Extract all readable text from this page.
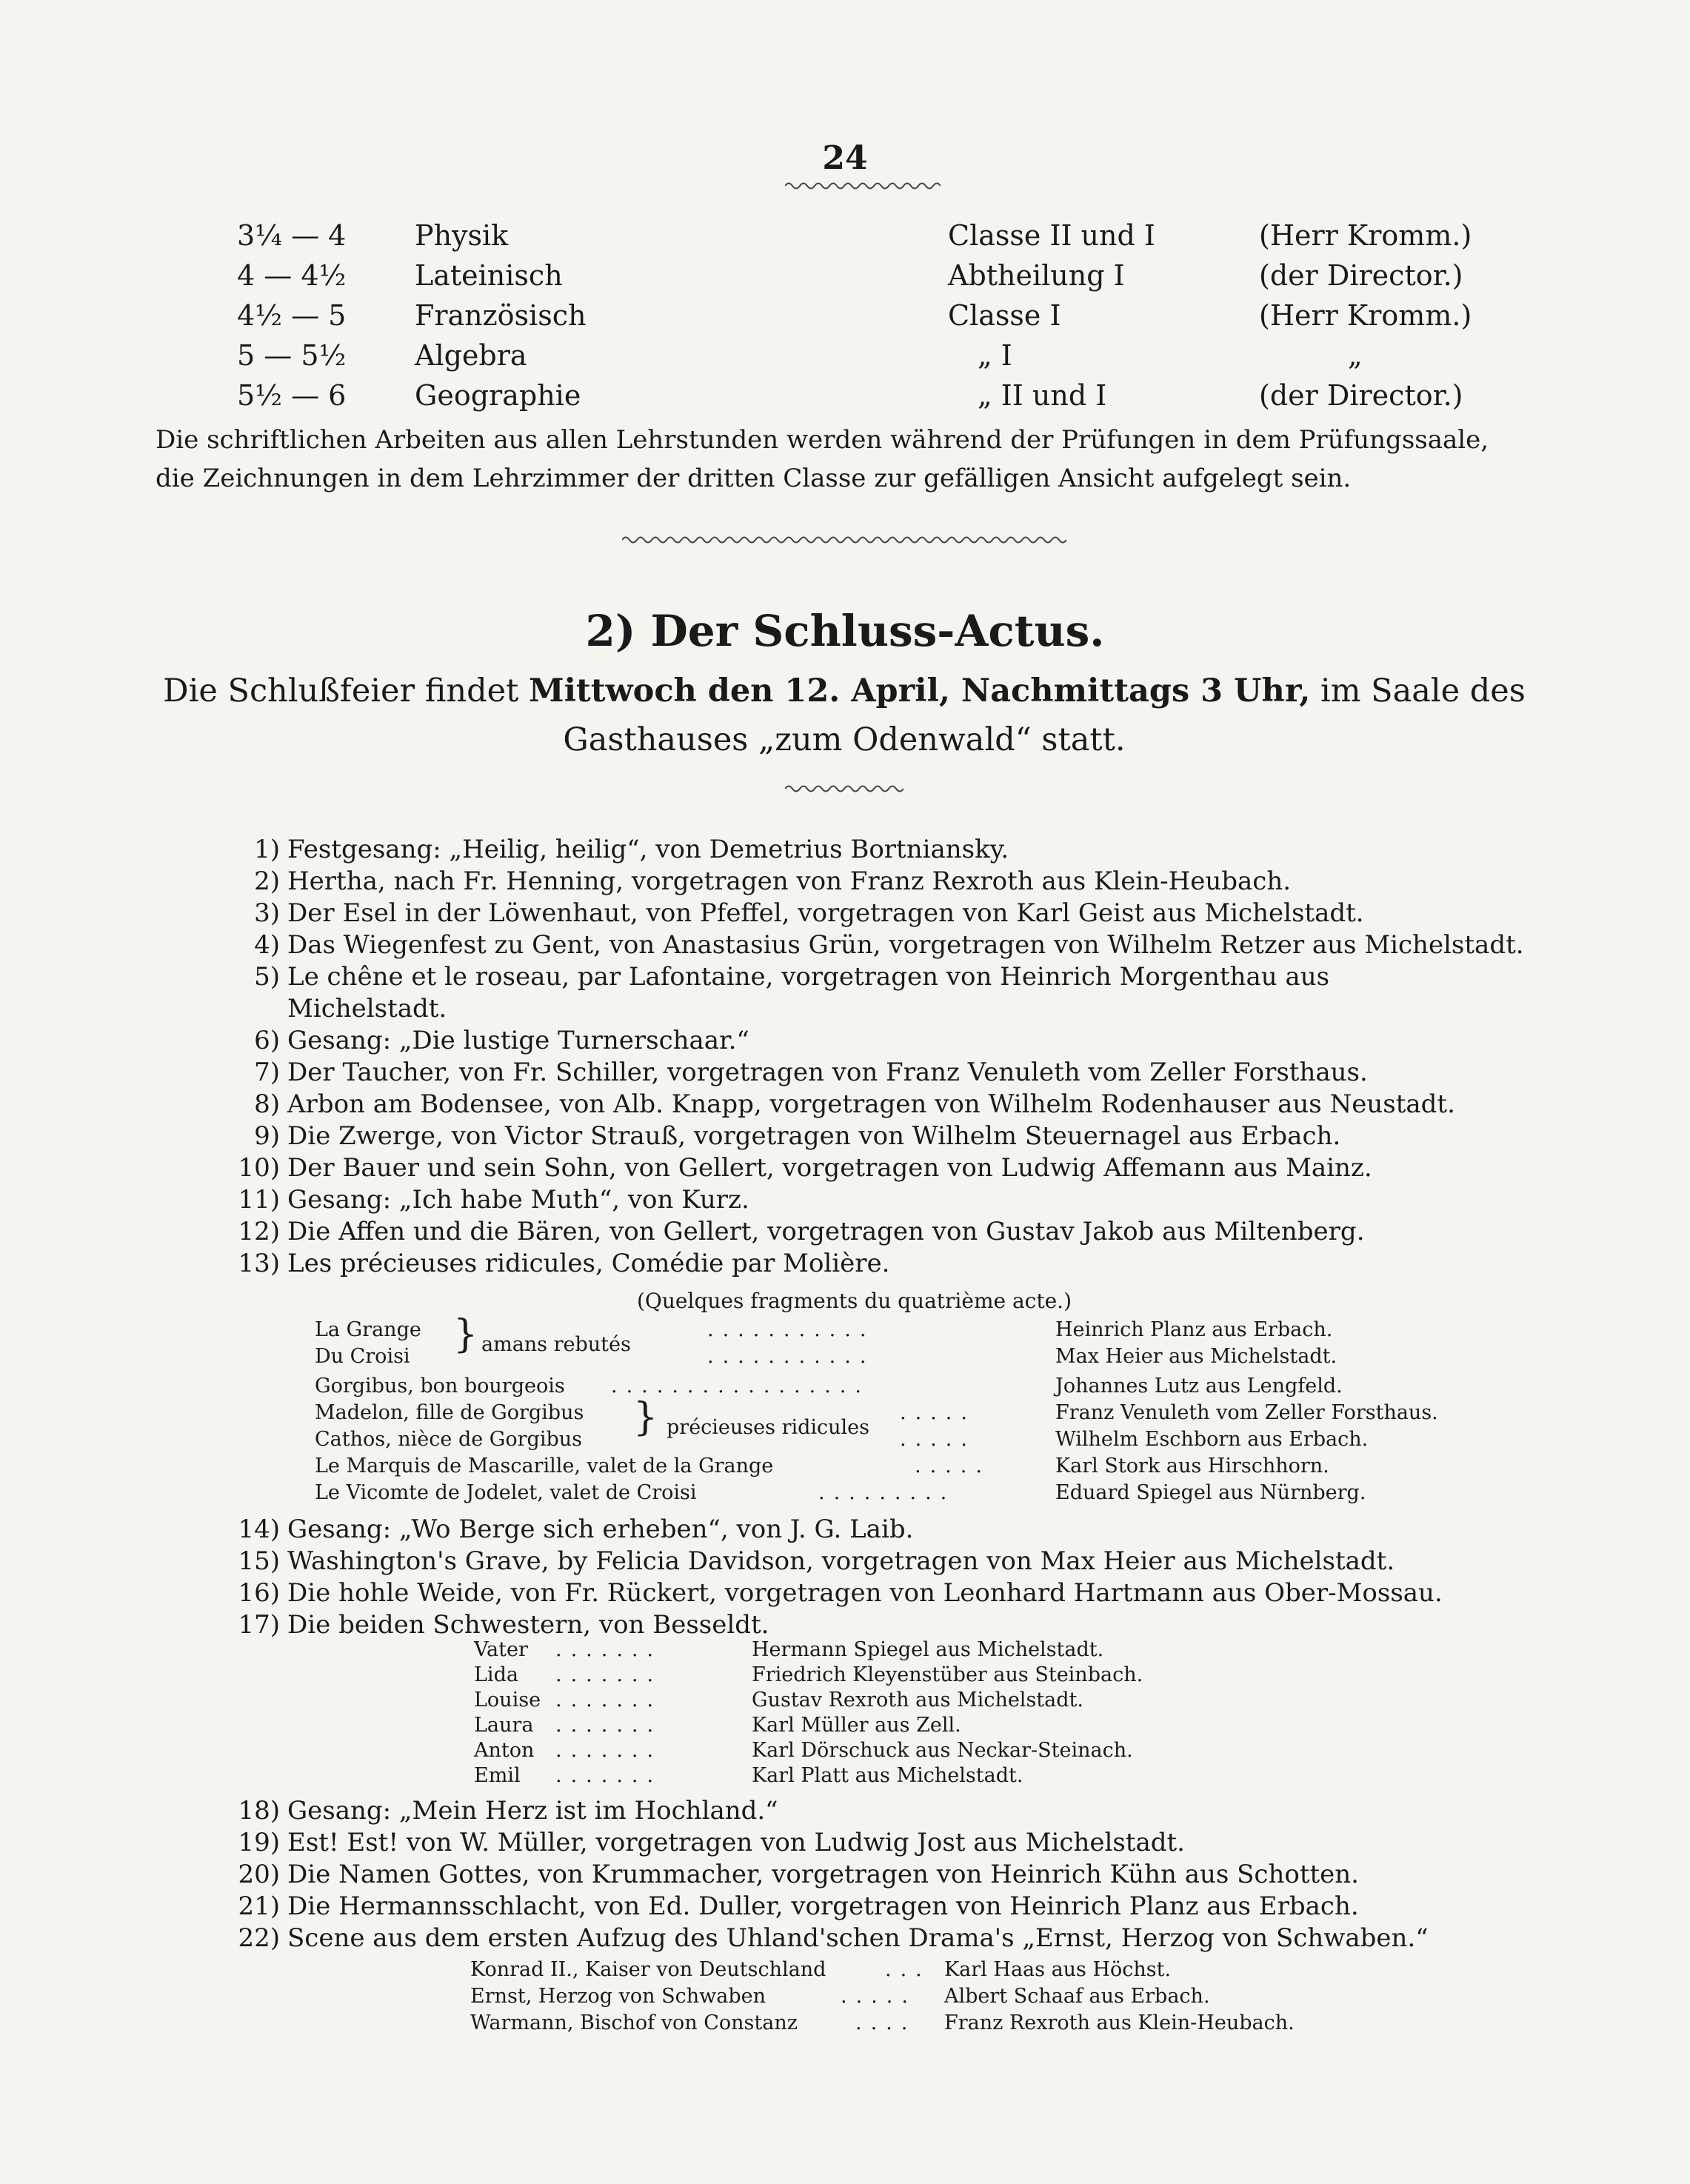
24
3¼ — 4 Physik	Classe II und I	(Herr Kromm.)
4 — 4½ Lateinisch	Abtheilung I	(der Director.)
4½ — 5 Französisch	Classe I	(Herr Kromm.)
5 — 5½ Algebra	„ I	„
5½ — 6 Geographie	„ II und I	(der Director.)
Die schriftlichen Arbeiten aus allen Lehrstunden werden während der Prüfungen in dem Prüfungssaale, die Zeichnungen in dem Lehrzimmer der dritten Classe zur gefälligen Ansicht aufgelegt sein.
2) Der Schluss-Actus.
Die Schlußfeier findet Mittwoch den 12. April, Nachmittags 3 Uhr, im Saale des Gasthauses „zum Odenwald“ statt.
1) Festgesang: „Heilig, heilig“, von Demetrius Bortniansky.
2) Hertha, nach Fr. Henning, vorgetragen von Franz Rexroth aus Klein-Heubach.
3) Der Esel in der Löwenhaut, von Pfeffel, vorgetragen von Karl Geist aus Michelstadt.
4) Das Wiegenfest zu Gent, von Anastasius Grün, vorgetragen von Wilhelm Retzer aus Michelstadt.
5) Le chêne et le roseau, par Lafontaine, vorgetragen von Heinrich Morgenthau aus
Michelstadt.
6) Gesang: „Die lustige Turnerschaar.“
7) Der Taucher, von Fr. Schiller, vorgetragen von Franz Venuleth vom Zeller Forsthaus.
8) Arbon am Bodensee, von Alb. Knapp, vorgetragen von Wilhelm Rodenhauser aus Neustadt.
9) Die Zwerge, von Victor Strauß, vorgetragen von Wilhelm Steuernagel aus Erbach.
10) Der Bauer und sein Sohn, von Gellert, vorgetragen von Ludwig Affemann aus Mainz.
11) Gesang: „Ich habe Muth“, von Kurz.
12) Die Affen und die Bären, von Gellert, vorgetragen von Gustav Jakob aus Miltenberg.
13) Les précieuses ridicules, Comédie par Molière.
(Quelques fragments du quatrième acte.)
La Grange	...........	Heinrich Planz aus Erbach.
Du Croisi	...........	Max Heier aus Michelstadt.
} amans rebutés
Gorgibus, bon bourgeois .................	Johannes Lutz aus Lengfeld.
Madelon, fille de Gorgibus	.....	Franz Venuleth vom Zeller Forsthaus.
Cathos, nièce de Gorgibus	.....	Wilhelm Eschborn aus Erbach.
} précieuses ridicules
Le Marquis de Mascarille, valet de la Grange	.....	Karl Stork aus Hirschhorn.
Le Vicomte de Jodelet, valet de Croisi	.........	Eduard Spiegel aus Nürnberg.
14) Gesang: „Wo Berge sich erheben“, von J. G. Laib.
15) Washington's Grave, by Felicia Davidson, vorgetragen von Max Heier aus Michelstadt.
16) Die hohle Weide, von Fr. Rückert, vorgetragen von Leonhard Hartmann aus Ober-Mossau.
17) Die beiden Schwestern, von Besseldt.
Vater .......	Hermann Spiegel aus Michelstadt.
Lida .......	Friedrich Kleyenstüber aus Steinbach.
Louise .......	Gustav Rexroth aus Michelstadt.
Laura .......	Karl Müller aus Zell.
Anton .......	Karl Dörschuck aus Neckar-Steinach.
Emil .......	Karl Platt aus Michelstadt.
18) Gesang: „Mein Herz ist im Hochland.“
19) Est! Est! von W. Müller, vorgetragen von Ludwig Jost aus Michelstadt.
20) Die Namen Gottes, von Krummacher, vorgetragen von Heinrich Kühn aus Schotten.
21) Die Hermannsschlacht, von Ed. Duller, vorgetragen von Heinrich Planz aus Erbach.
22) Scene aus dem ersten Aufzug des Uhland'schen Drama's „Ernst, Herzog von Schwaben.“
Konrad II., Kaiser von Deutschland	... Karl Haas aus Höchst.
Ernst, Herzog von Schwaben	..... Albert Schaaf aus Erbach.
Warmann, Bischof von Constanz	.... Franz Rexroth aus Klein-Heubach.
